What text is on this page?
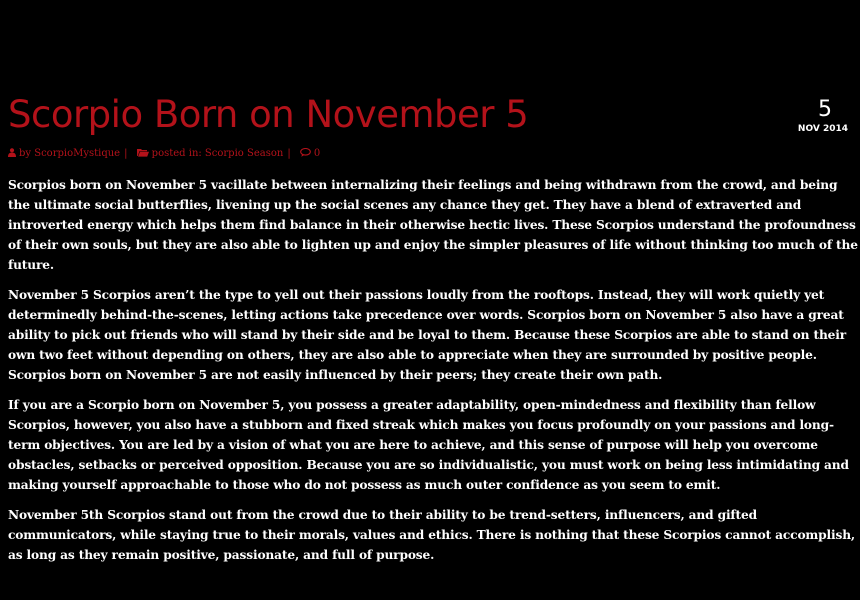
Scorpio Born on November 5	5
NOV 2014
by ScorpioMystique | posted in: Scorpio Season | 0

Scorpios born on November 5 vacillate between internalizing their feelings and being withdrawn from the crowd, and being the ultimate social butterflies, livening up the social scenes any chance they get. They have a blend of extraverted and introverted energy which helps them find balance in their otherwise hectic lives. These Scorpios understand the profoundness of their own souls, but they are also able to lighten up and enjoy the simpler pleasures of life without thinking too much of the future.

November 5 Scorpios aren’t the type to yell out their passions loudly from the rooftops. Instead, they will work quietly yet determinedly behind-the-scenes, letting actions take precedence over words. Scorpios born on November 5 also have a great ability to pick out friends who will stand by their side and be loyal to them. Because these Scorpios are able to stand on their own two feet without depending on others, they are also able to appreciate when they are surrounded by positive people. Scorpios born on November 5 are not easily influenced by their peers; they create their own path.

If you are a Scorpio born on November 5, you possess a greater adaptability, open-mindedness and flexibility than fellow Scorpios, however, you also have a stubborn and fixed streak which makes you focus profoundly on your passions and long-term objectives. You are led by a vision of what you are here to achieve, and this sense of purpose will help you overcome obstacles, setbacks or perceived opposition. Because you are so individualistic, you must work on being less intimidating and making yourself approachable to those who do not possess as much outer confidence as you seem to emit.

November 5th Scorpios stand out from the crowd due to their ability to be trend-setters, influencers, and gifted communicators, while staying true to their morals, values and ethics. There is nothing that these Scorpios cannot accomplish, as long as they remain positive, passionate, and full of purpose.
